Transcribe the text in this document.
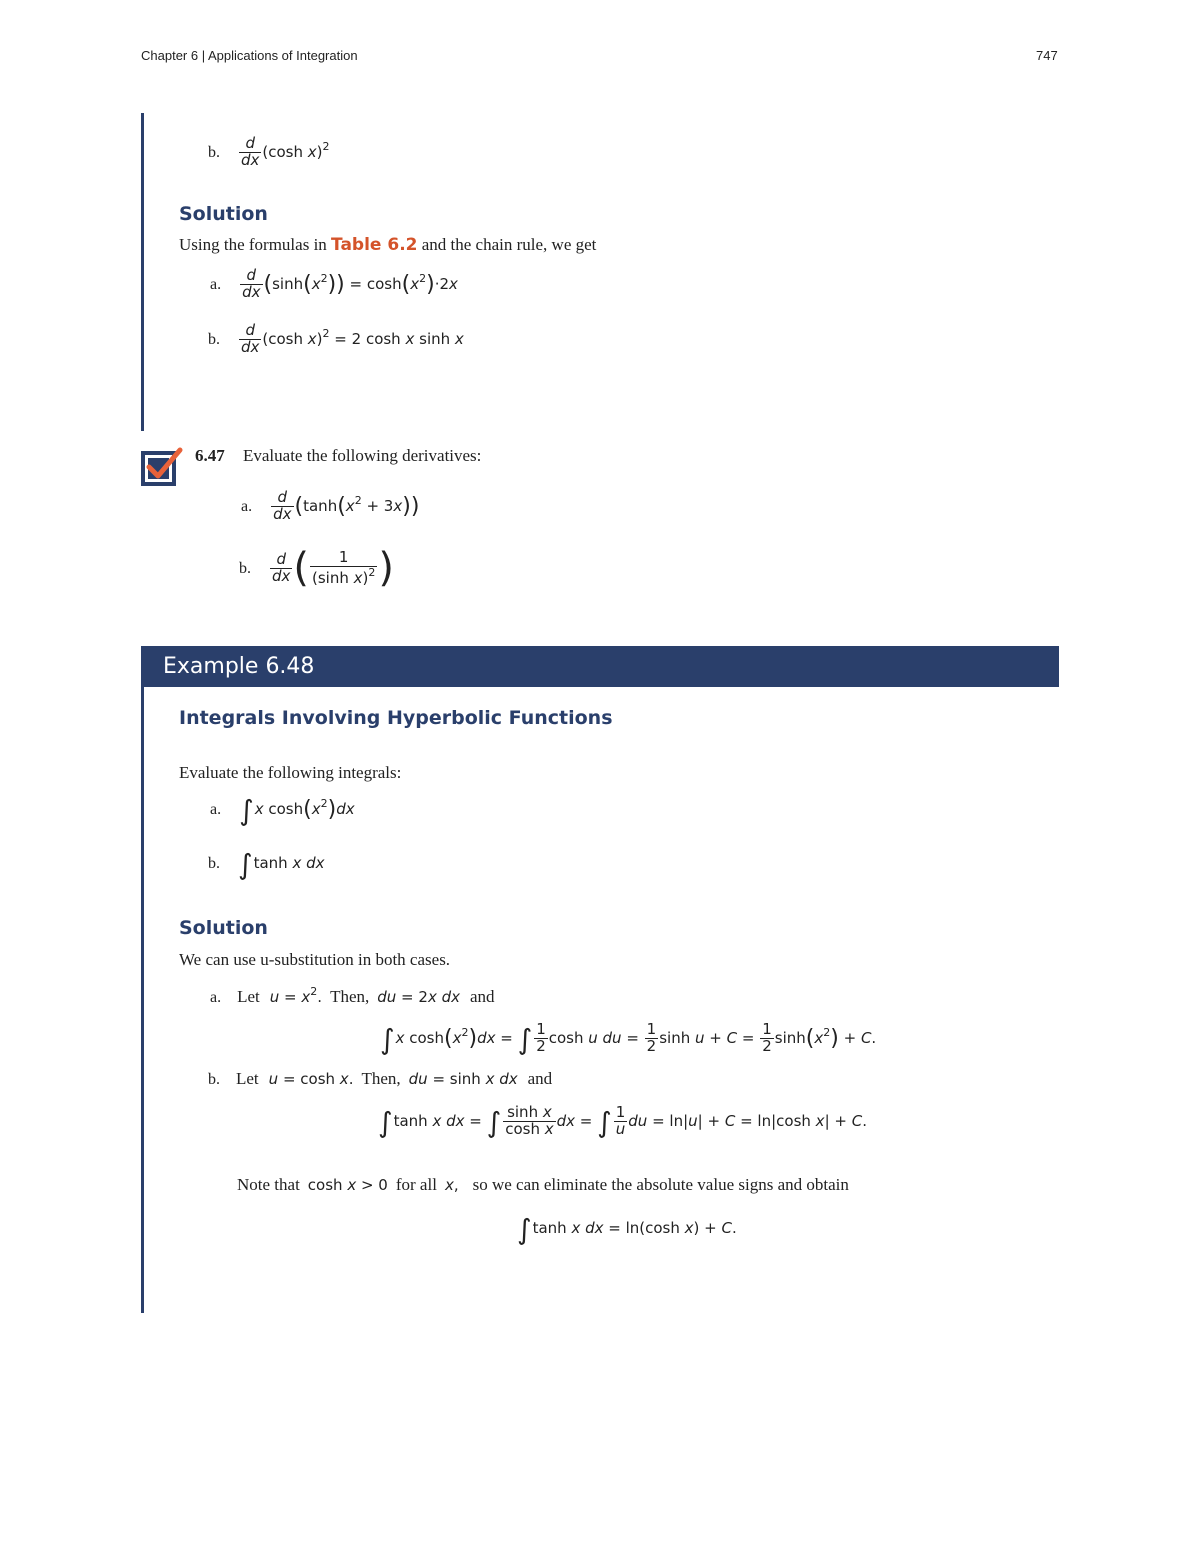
Chapter 6 | Applications of Integration	747
b. $\frac{d}{dx} (\cosh$ x)$^2$
Solution
Using the formulas in Table 6.2 and the chain rule, we get
a. $\frac{d}{dx} (\sinh(x^2)) = \cosh(x^2)\cdot 2x$
b. $\frac{d}{dx} (\cosh$ x)$^2$ = 2 cosh x sinh x
6.47 Evaluate the following derivatives:
a. $\frac{d}{dx} (\tanh(x^2 + 3x))$
b. $\frac{d}{dx}$ ( $\frac{1}{(\sinh x)^2}$ )
Example 6.48
Integrals Involving Hyperbolic Functions
Evaluate the following integrals:
a. ∫x $\cosh(x^2)dx$
b. ∫tanh x dx
Solution
We can use u-substitution in both cases.
a. Let $u = x^2$. Then, du = 2x dx and
∫x $\cosh(x^2)dx$ = ∫ $\frac{1}{2}$ cosh u du = $\frac{1}{2}$ $\sinh u + C = \frac{1}{2} \sinh(x^2) + C$.
b. Let u = cosh x. Then, du = sinh x dx and
∫tanh x dx = ∫ $\frac{\text{sinh x}}{\text{cosh x}}$ dx = ∫ $\frac{1}{u}$ du = ln|u| + C = ln|cosh x| + C.
Note that cosh x > 0 for all x, so we can eliminate the absolute value signs and obtain
∫tanh x dx = ln(cosh x) + C.
